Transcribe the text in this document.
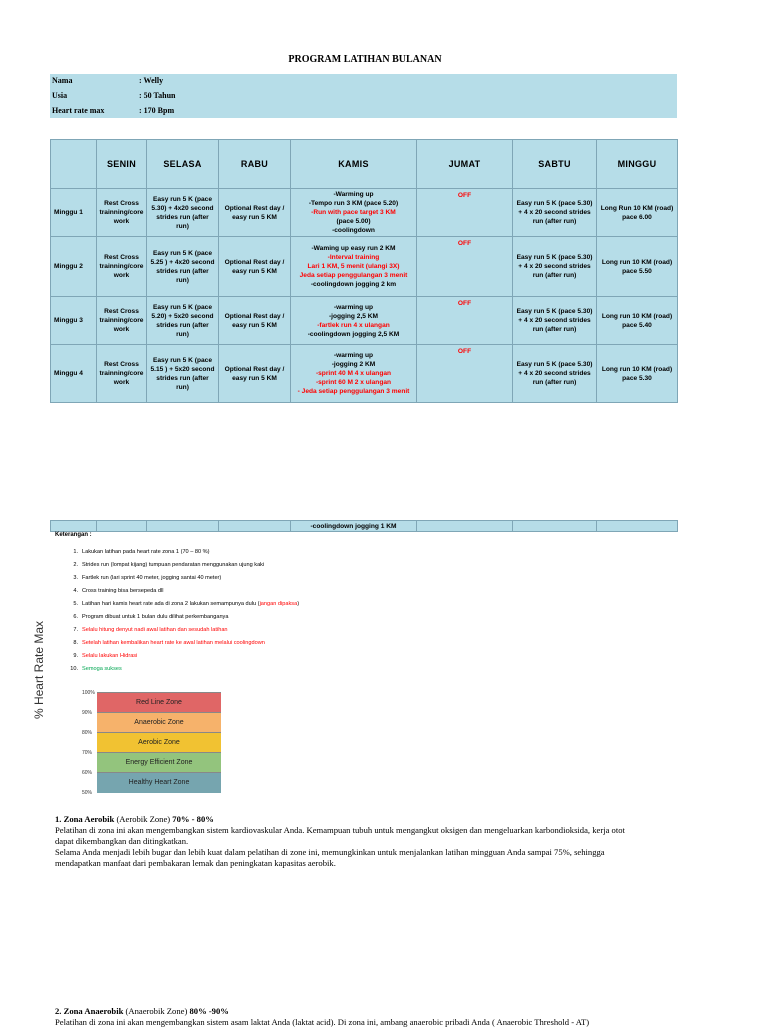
PROGRAM LATIHAN BULANAN
Nama	: Welly
Usia	: 50 Tahun
Heart rate max	: 170 Bpm
	SENIN	SELASA	RABU	KAMIS	JUMAT	SABTU	MINGGU
Minggu 1	Rest Cross trainning/core work	Easy run 5 K (pace 5.30) + 4x20 second strides run (after run)	Optional Rest day / easy run 5 KM	-Warming up
-Tempo run 3 KM (pace 5.20)
-Run with pace target 3 KM
(pace 5.00)
-coolingdown	OFF	Easy run 5 K (pace 5.30) + 4 x 20 second strides run (after run)	Long Run 10 KM (road) pace 6.00
Minggu 2	Rest Cross trainning/core work	Easy run 5 K (pace 5.25 ) + 4x20 second strides run (after run)	Optional Rest day / easy run 5 KM	-Waming up easy run 2 KM
-Interval training
Lari 1 KM, 5 menit (ulangi 3X)
Jeda setiap penggulangan 3 menit
-coolingdown jogging 2 km	OFF	Easy run 5 K (pace 5.30) + 4 x 20 second strides run (after run)	Long run 10 KM (road) pace 5.50
Minggu 3	Rest Cross trainning/core work	Easy run 5 K (pace 5.20) + 5x20 second strides run (after run)	Optional Rest day / easy run 5 KM	-warming up
-jogging 2,5 KM
-fartlek run 4 x ulangan
-coolingdown jogging 2,5 KM	OFF	Easy run 5 K (pace 5.30) + 4 x 20 second strides run (after run)	Long run 10 KM (road) pace 5.40
Minggu 4	Rest Cross trainning/core work	Easy run 5 K (pace 5.15 ) + 5x20 second strides run (after run)	Optional Rest day / easy run 5 KM	-warming up
-jogging 2 KM
-sprint 40 M 4 x ulangan
-sprint 60 M 2 x ulangan
- Jeda setiap penggulangan 3 menit	OFF	Easy run 5 K (pace 5.30) + 4 x 20 second strides run (after run)	Long run 10 KM (road) pace 5.30
				-coolingdown jogging 1 KM			
Keterangan :
1. Lakukan latihan pada heart rate zona 1 (70 – 80 %)
2. Strides run (lompat kijang) tumpuan pendaratan menggunakan ujung kaki
3. Fartlek run (lari sprint 40 meter, jogging santai 40 meter)
4. Cross training bisa bersepeda dll
5. Latihan hari kamis heart rate ada di zona 2 lakukan semampunya dulu (jangan dipaksa)
6. Program dibuat untuk 1 bulan dulu dilihat perkembanganya
7. Selalu hitung denyut nadi awal latihan dan sesudah latihan
8. Setelah latihan kembalikan heart rate ke awal latihan melalui coolingdown
9. Selalu lakukan Hidrasi
10. Semoga sukses
% Heart Rate Max	100%
90%
80%
70%
60%
50%
Red Line Zone
Anaerobic Zone
Aerobic Zone
Energy Efficient Zone
Healthy Heart Zone
1. Zona Aerobik (Aerobik Zone) 70% - 80%
Pelatihan di zona ini akan mengembangkan sistem kardiovaskular Anda. Kemampuan tubuh untuk mengangkut oksigen dan mengeluarkan karbondioksida, kerja otot
dapat dikembangkan dan ditingkatkan.
Selama Anda menjadi lebih bugar dan lebih kuat dalam pelatihan di zone ini, memungkinkan untuk menjalankan latihan mingguan Anda sampai 75%, sehingga
mendapatkan manfaat dari pembakaran lemak dan peningkatan kapasitas aerobik.
2. Zona Anaerobik (Anaerobik Zone) 80% -90%
Pelatihan di zona ini akan mengembangkan sistem asam laktat Anda (laktat acid). Di zona ini, ambang anaerobic pribadi Anda ( Anaerobic Threshold - AT)
